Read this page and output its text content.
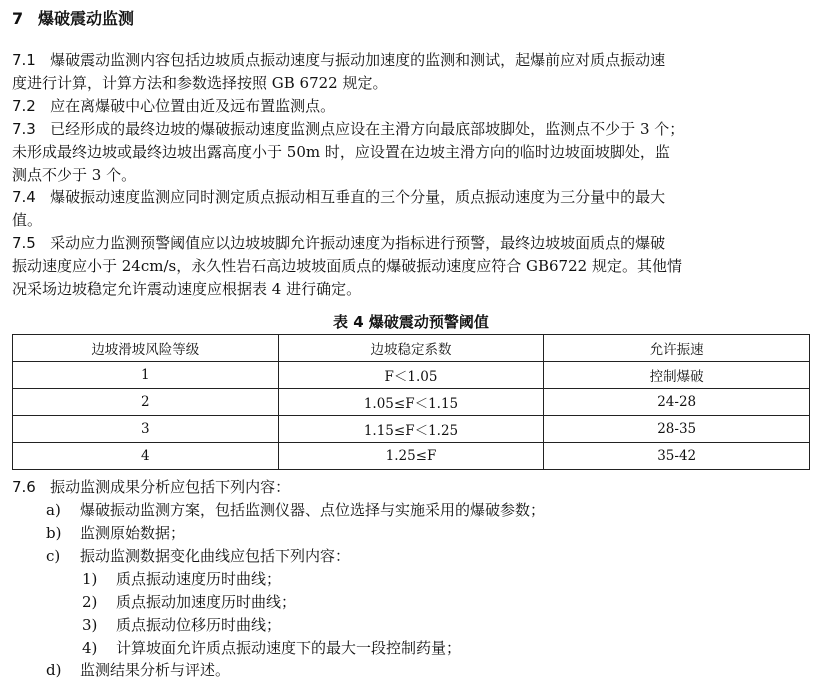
7 爆破震动监测
7.1 爆破震动监测内容包括边坡质点振动速度与振动加速度的监测和测试，起爆前应对质点振动速
度进行计算，计算方法和参数选择按照 GB 6722 规定。
7.2 应在离爆破中心位置由近及远布置监测点。
7.3 已经形成的最终边坡的爆破振动速度监测点应设在主滑方向最底部坡脚处，监测点不少于 3 个；
未形成最终边坡或最终边坡出露高度小于 50m 时，应设置在边坡主滑方向的临时边坡面坡脚处，监
测点不少于 3 个。
7.4 爆破振动速度监测应同时测定质点振动相互垂直的三个分量，质点振动速度为三分量中的最大
值。
7.5 采动应力监测预警阈值应以边坡坡脚允许振动速度为指标进行预警，最终边坡坡面质点的爆破
振动速度应小于 24cm/s，永久性岩石高边坡坡面质点的爆破振动速度应符合 GB6722 规定。其他情
况采场边坡稳定允许震动速度应根据表 4 进行确定。
表 4 爆破震动预警阈值
边坡滑坡风险等级	边坡稳定系数	允许振速
1	F＜1.05	控制爆破
2	1.05≤F＜1.15	24-28
3	1.15≤F＜1.25	28-35
4	1.25≤F	35-42
7.6 振动监测成果分析应包括下列内容：
a) 爆破振动监测方案，包括监测仪器、点位选择与实施采用的爆破参数；
b) 监测原始数据；
c) 振动监测数据变化曲线应包括下列内容：
1) 质点振动速度历时曲线；
2) 质点振动加速度历时曲线；
3) 质点振动位移历时曲线；
4) 计算坡面允许质点振动速度下的最大一段控制药量；
d) 监测结果分析与评述。
